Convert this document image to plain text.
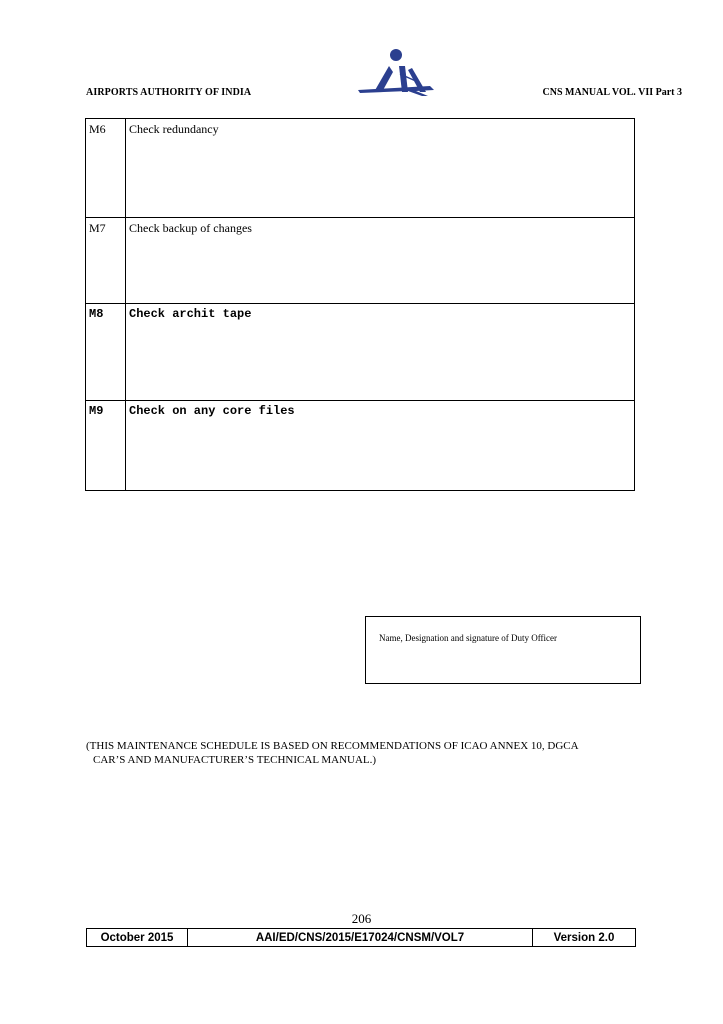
AIRPORTS AUTHORITY OF INDIA	CNS MANUAL VOL. VII Part 3
M6	Check redundancy
M7	Check backup of changes
M8	Check archit tape
M9	Check on any core files
Name, Designation and signature of Duty Officer
(THIS MAINTENANCE SCHEDULE IS BASED ON RECOMMENDATIONS OF ICAO ANNEX 10, DGCA
CAR’S AND MANUFACTURER’S TECHNICAL MANUAL.)
206
October 2015	AAI/ED/CNS/2015/E17024/CNSM/VOL7	Version 2.0
